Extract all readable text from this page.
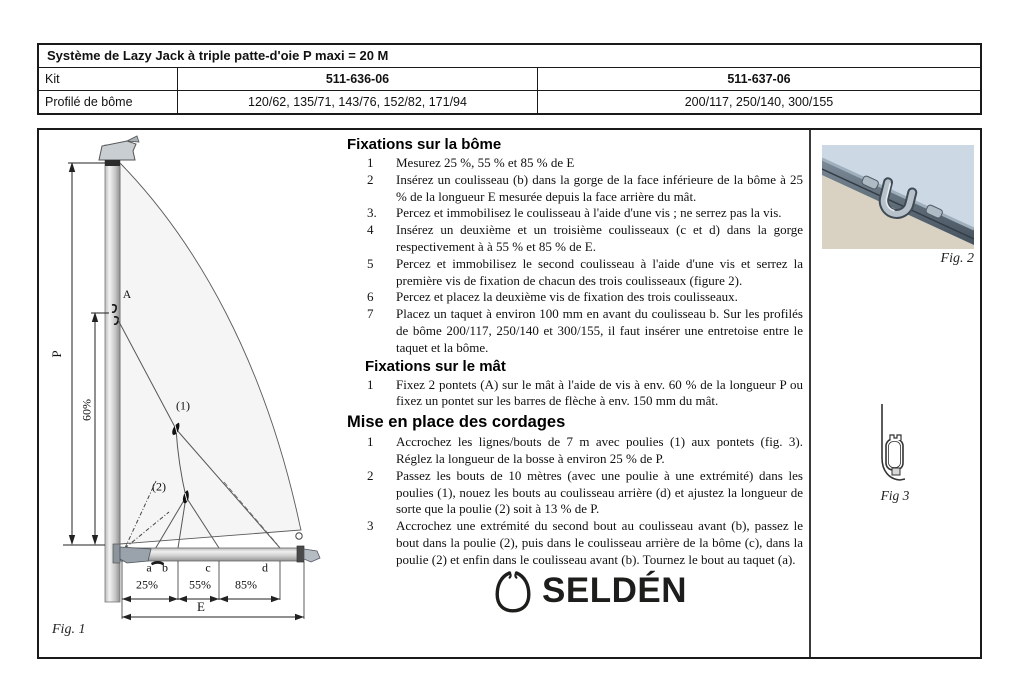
Système de Lazy Jack à triple patte-d'oie P maxi = 20 M
Kit	511-636-06	511-637-06
Profilé de bôme	120/62, 135/71, 143/76, 152/82, 171/94	200/117, 250/140, 300/155
P
60%
A
(1)
(2)
a b	c	d
25%	55% 85%
E
Fig. 1
Fixations sur la bôme
1	Mesurez 25 %, 55 % et 85 % de E
2	Insérez un coulisseau (b) dans la gorge de la face inférieure de la bôme à 25 % de la longueur E mesurée depuis la face arrière du mât.
3.	Percez et immobilisez le coulisseau à l'aide d'une vis ; ne serrez pas la vis.
4	Insérez un deuxième et un troisième coulisseaux (c et d) dans la gorge respectivement à à 55 % et 85 % de E.
5	Percez et immobilisez le second coulisseau à l'aide d'une vis et serrez la première vis de fixation de chacun des trois coulisseaux (figure 2).
6	Percez et placez la deuxième vis de fixation des trois coulisseaux.
7	Placez un taquet à environ 100 mm en avant du coulisseau b. Sur les profilés de bôme 200/117, 250/140 et 300/155, il faut insérer une entretoise entre le taquet et la bôme.
Fixations sur le mât
1	Fixez 2 pontets (A) sur le mât à l'aide de vis à env. 60 % de la longueur P ou fixez un pontet sur les barres de flèche à env. 150 mm du mât.
Mise en place des cordages
1	Accrochez les lignes/bouts de 7 m avec poulies (1) aux pontets (fig. 3). Réglez la longueur de la bosse à environ 25 % de P.
2	Passez les bouts de 10 mètres (avec une poulie à une extrémité) dans les poulies (1), nouez les bouts au coulisseau arrière (d) et ajustez la longueur de sorte que la poulie (2) soit à 13 % de P.
3	Accrochez une extrémité du second bout au coulisseau avant (b), passez le bout dans la poulie (2), puis dans le coulisseau arrière de la bôme (c), dans la poulie (2) et enfin dans le coulisseau avant (b). Tournez le bout au taquet (a).
SELDÉN
Fig. 2
Fig 3
